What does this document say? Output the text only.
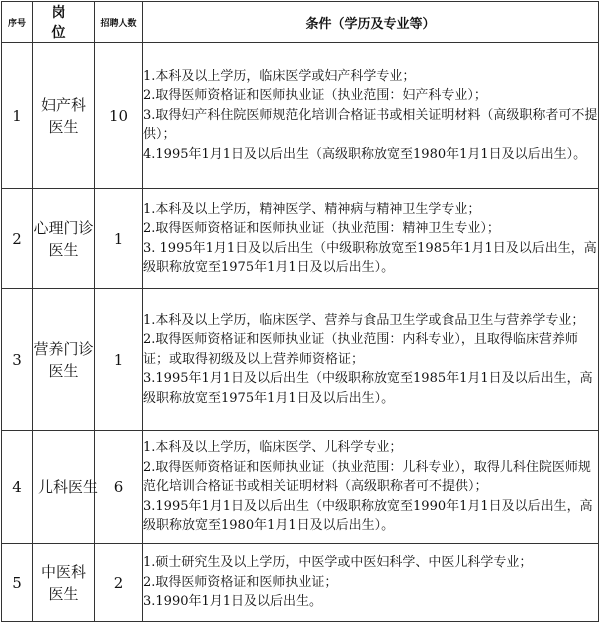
序号	岗 位	招聘人数	条件（学历及专业等）
1	妇产科医生	10	1.本科及以上学历，临床医学或妇产科学专业；

2.取得医师资格证和医师执业证（执业范围：妇产科专业）；

3.取得妇产科住院医师规范化培训合格证书或相关证明材料（高级职称者可不提供）；

4.1995年1月1日及以后出生（高级职称放宽至1980年1月1日及以后出生）。

2	心理门诊医生	1	1.本科及以上学历，精神医学、精神病与精神卫生学专业；

2.取得医师资格证和医师执业证（执业范围：精神卫生专业）；

3. 1995年1月1日及以后出生（中级职称放宽至1985年1月1日及以后出生，高级职称放宽至1975年1月1日及以后出生）。

3	营养门诊医生	1	1.本科及以上学历，临床医学、营养与食品卫生学或食品卫生与营养学专业；

2.取得医师资格证和医师执业证（执业范围：内科专业），且取得临床营养师证；或取得初级及以上营养师资格证；

3.1995年1月1日及以后出生（中级职称放宽至1985年1月1日及以后出生，高级职称放宽至1975年1月1日及以后出生）。

4	儿科医生	6	1.本科及以上学历，临床医学、儿科学专业；

2.取得医师资格证和医师执业证（执业范围：儿科专业），取得儿科住院医师规范化培训合格证书或相关证明材料（高级职称者可不提供）；

3.1995年1月1日及以后出生（中级职称放宽至1990年1月1日及以后出生，高级职称放宽至1980年1月1日及以后出生）。

5	中医科医生	2	1.硕士研究生及以上学历，中医学或中医妇科学、中医儿科学专业；

2.取得医师资格证和医师执业证；

3.1990年1月1日及以后出生。
